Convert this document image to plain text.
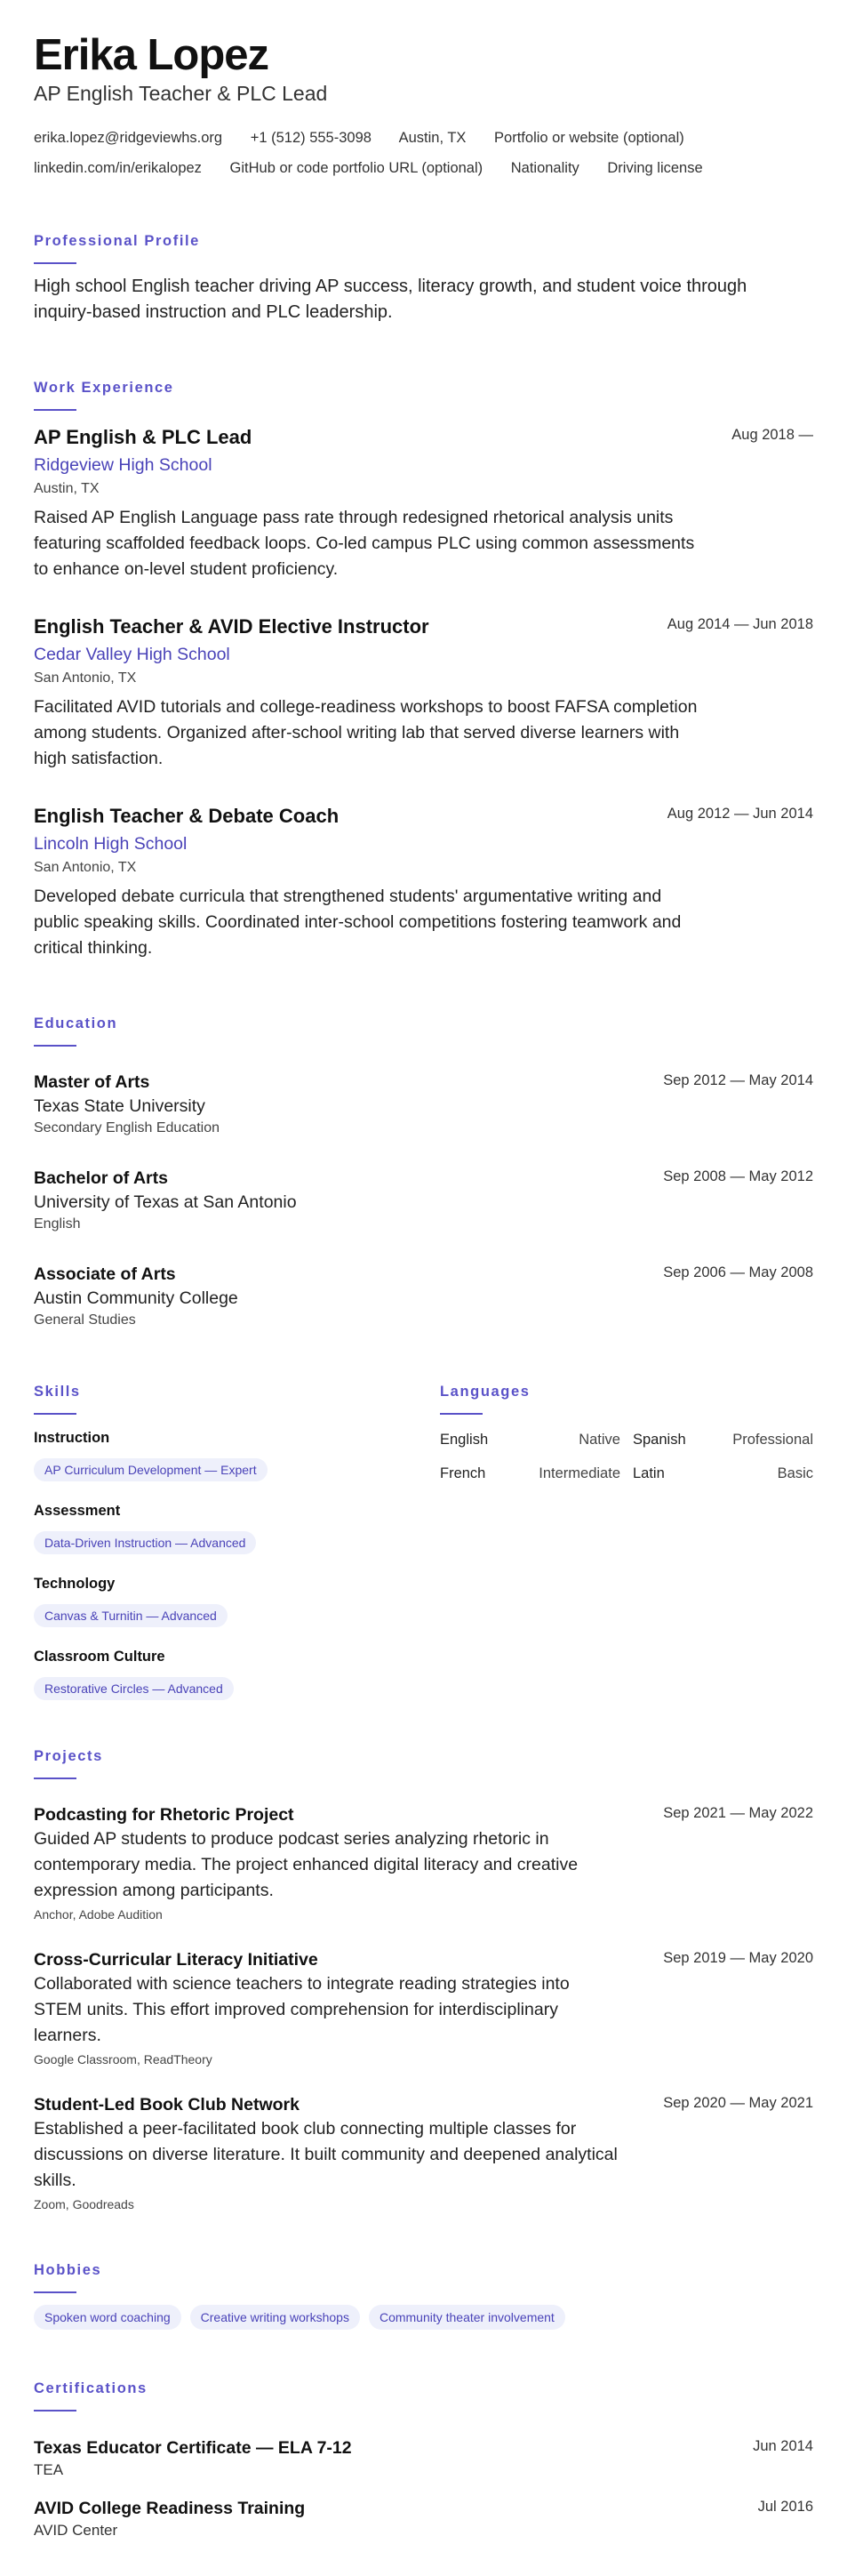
Erika Lopez
AP English Teacher & PLC Lead
erika.lopez@ridgeviewhs.org +1 (512) 555-3098 Austin, TX Portfolio or website (optional)
linkedin.com/in/erikalopez GitHub or code portfolio URL (optional) Nationality Driving license
Professional Profile
High school English teacher driving AP success, literacy growth, and student voice through inquiry-based instruction and PLC leadership.
Work Experience
AP English & PLC Lead
Ridgeview High School
Austin, TX
Raised AP English Language pass rate through redesigned rhetorical analysis units featuring scaffolded feedback loops. Co-led campus PLC using common assessments to enhance on-level student proficiency.
Aug 2018 —
English Teacher & AVID Elective Instructor
Cedar Valley High School
San Antonio, TX
Facilitated AVID tutorials and college-readiness workshops to boost FAFSA completion among students. Organized after-school writing lab that served diverse learners with high satisfaction.
Aug 2014 — Jun 2018
English Teacher & Debate Coach
Lincoln High School
San Antonio, TX
Developed debate curricula that strengthened students' argumentative writing and public speaking skills. Coordinated inter-school competitions fostering teamwork and critical thinking.
Aug 2012 — Jun 2014
Education
Master of Arts
Texas State University
Secondary English Education
Sep 2012 — May 2014
Bachelor of Arts
University of Texas at San Antonio
English
Sep 2008 — May 2012
Associate of Arts
Austin Community College
General Studies
Sep 2006 — May 2008
Skills
Instruction
AP Curriculum Development — Expert
Assessment
Data-Driven Instruction — Advanced
Technology
Canvas & Turnitin — Advanced
Classroom Culture
Restorative Circles — Advanced
Languages
English	Native Spanish	Professional
French	Intermediate Latin	Basic
Projects
Podcasting for Rhetoric Project
Guided AP students to produce podcast series analyzing rhetoric in contemporary media. The project enhanced digital literacy and creative expression among participants.
Anchor, Adobe Audition
Sep 2021 — May 2022
Cross-Curricular Literacy Initiative
Collaborated with science teachers to integrate reading strategies into STEM units. This effort improved comprehension for interdisciplinary learners.
Google Classroom, ReadTheory
Sep 2019 — May 2020
Student-Led Book Club Network
Established a peer-facilitated book club connecting multiple classes for discussions on diverse literature. It built community and deepened analytical skills.
Zoom, Goodreads
Sep 2020 — May 2021
Hobbies
Spoken word coaching Creative writing workshops Community theater involvement
Certifications
Texas Educator Certificate — ELA 7-12
TEA
Jun 2014
AVID College Readiness Training
AVID Center
Jul 2016
